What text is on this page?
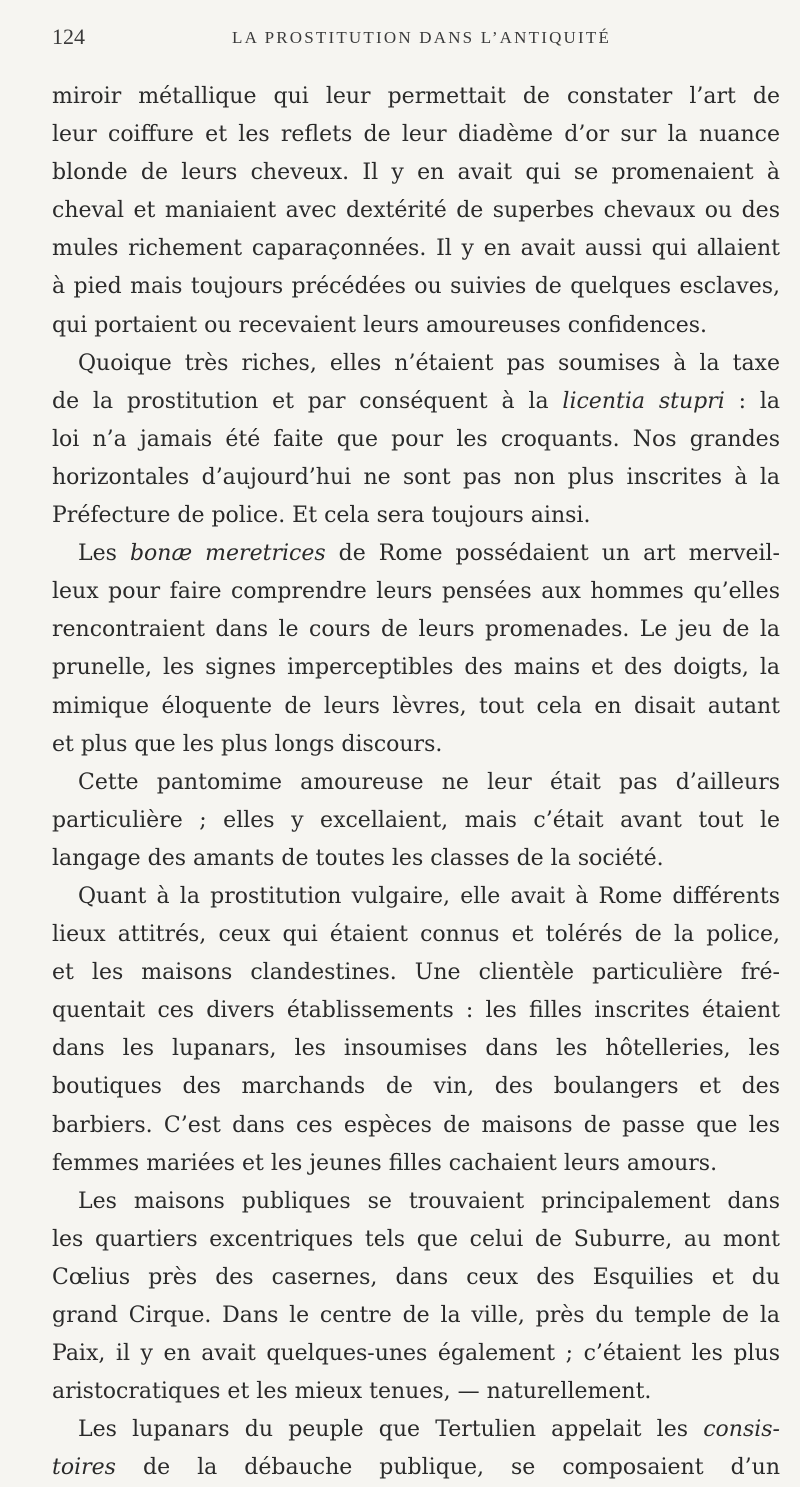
124	LA PROSTITUTION DANS L’ANTIQUITÉ
miroir métallique qui leur permettait de constater l’art de
leur coiffure et les reflets de leur diadème d’or sur la nuance
blonde de leurs cheveux. Il y en avait qui se promenaient à
cheval et maniaient avec dextérité de superbes chevaux ou des
mules richement caparaçonnées. Il y en avait aussi qui allaient
à pied mais toujours précédées ou suivies de quelques esclaves,
qui portaient ou recevaient leurs amoureuses confidences.
Quoique très riches, elles n’étaient pas soumises à la taxe
de la prostitution et par conséquent à la licentia stupri : la
loi n’a jamais été faite que pour les croquants. Nos grandes
horizontales d’aujourd’hui ne sont pas non plus inscrites à la
Préfecture de police. Et cela sera toujours ainsi.
Les bonæ meretrices de Rome possédaient un art merveil-
leux pour faire comprendre leurs pensées aux hommes qu’elles
rencontraient dans le cours de leurs promenades. Le jeu de la
prunelle, les signes imperceptibles des mains et des doigts, la
mimique éloquente de leurs lèvres, tout cela en disait autant
et plus que les plus longs discours.
Cette pantomime amoureuse ne leur était pas d’ailleurs
particulière ; elles y excellaient, mais c’était avant tout le
langage des amants de toutes les classes de la société.
Quant à la prostitution vulgaire, elle avait à Rome différents
lieux attitrés, ceux qui étaient connus et tolérés de la police,
et les maisons clandestines. Une clientèle particulière fré-
quentait ces divers établissements : les filles inscrites étaient
dans les lupanars, les insoumises dans les hôtelleries, les
boutiques des marchands de vin, des boulangers et des
barbiers. C’est dans ces espèces de maisons de passe que les
femmes mariées et les jeunes filles cachaient leurs amours.
Les maisons publiques se trouvaient principalement dans
les quartiers excentriques tels que celui de Suburre, au mont
Cœlius près des casernes, dans ceux des Esquilies et du
grand Cirque. Dans le centre de la ville, près du temple de la
Paix, il y en avait quelques-unes également ; c’étaient les plus
aristocratiques et les mieux tenues, — naturellement.
Les lupanars du peuple que Tertulien appelait les consis-
toires de la débauche publique, se composaient d’un
